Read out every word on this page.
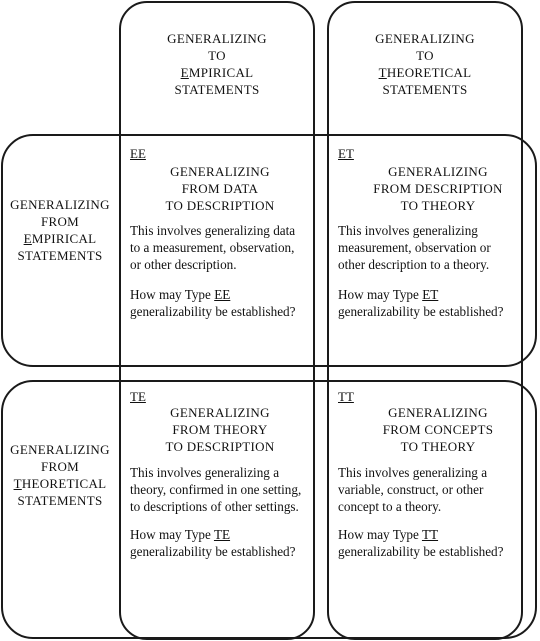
GENERALIZING
TO
EMPIRICAL
STATEMENTS
GENERALIZING
TO
THEORETICAL
STATEMENTS
GENERALIZING
FROM
EMPIRICAL
STATEMENTS
GENERALIZING
FROM
THEORETICAL
STATEMENTS
EE
GENERALIZING
FROM DATA
TO DESCRIPTION
This involves generalizing data
to a measurement, observation,
or other description.
How may Type EE
generalizability be established?
ET
GENERALIZING
FROM DESCRIPTION
TO THEORY
This involves generalizing
measurement, observation or
other description to a theory.
How may Type ET
generalizability be established?
TE
GENERALIZING
FROM THEORY
TO DESCRIPTION
This involves generalizing a
theory, confirmed in one setting,
to descriptions of other settings.
How may Type TE
generalizability be established?
TT
GENERALIZING
FROM CONCEPTS
TO THEORY
This involves generalizing a
variable, construct, or other
concept to a theory.
How may Type TT
generalizability be established?
